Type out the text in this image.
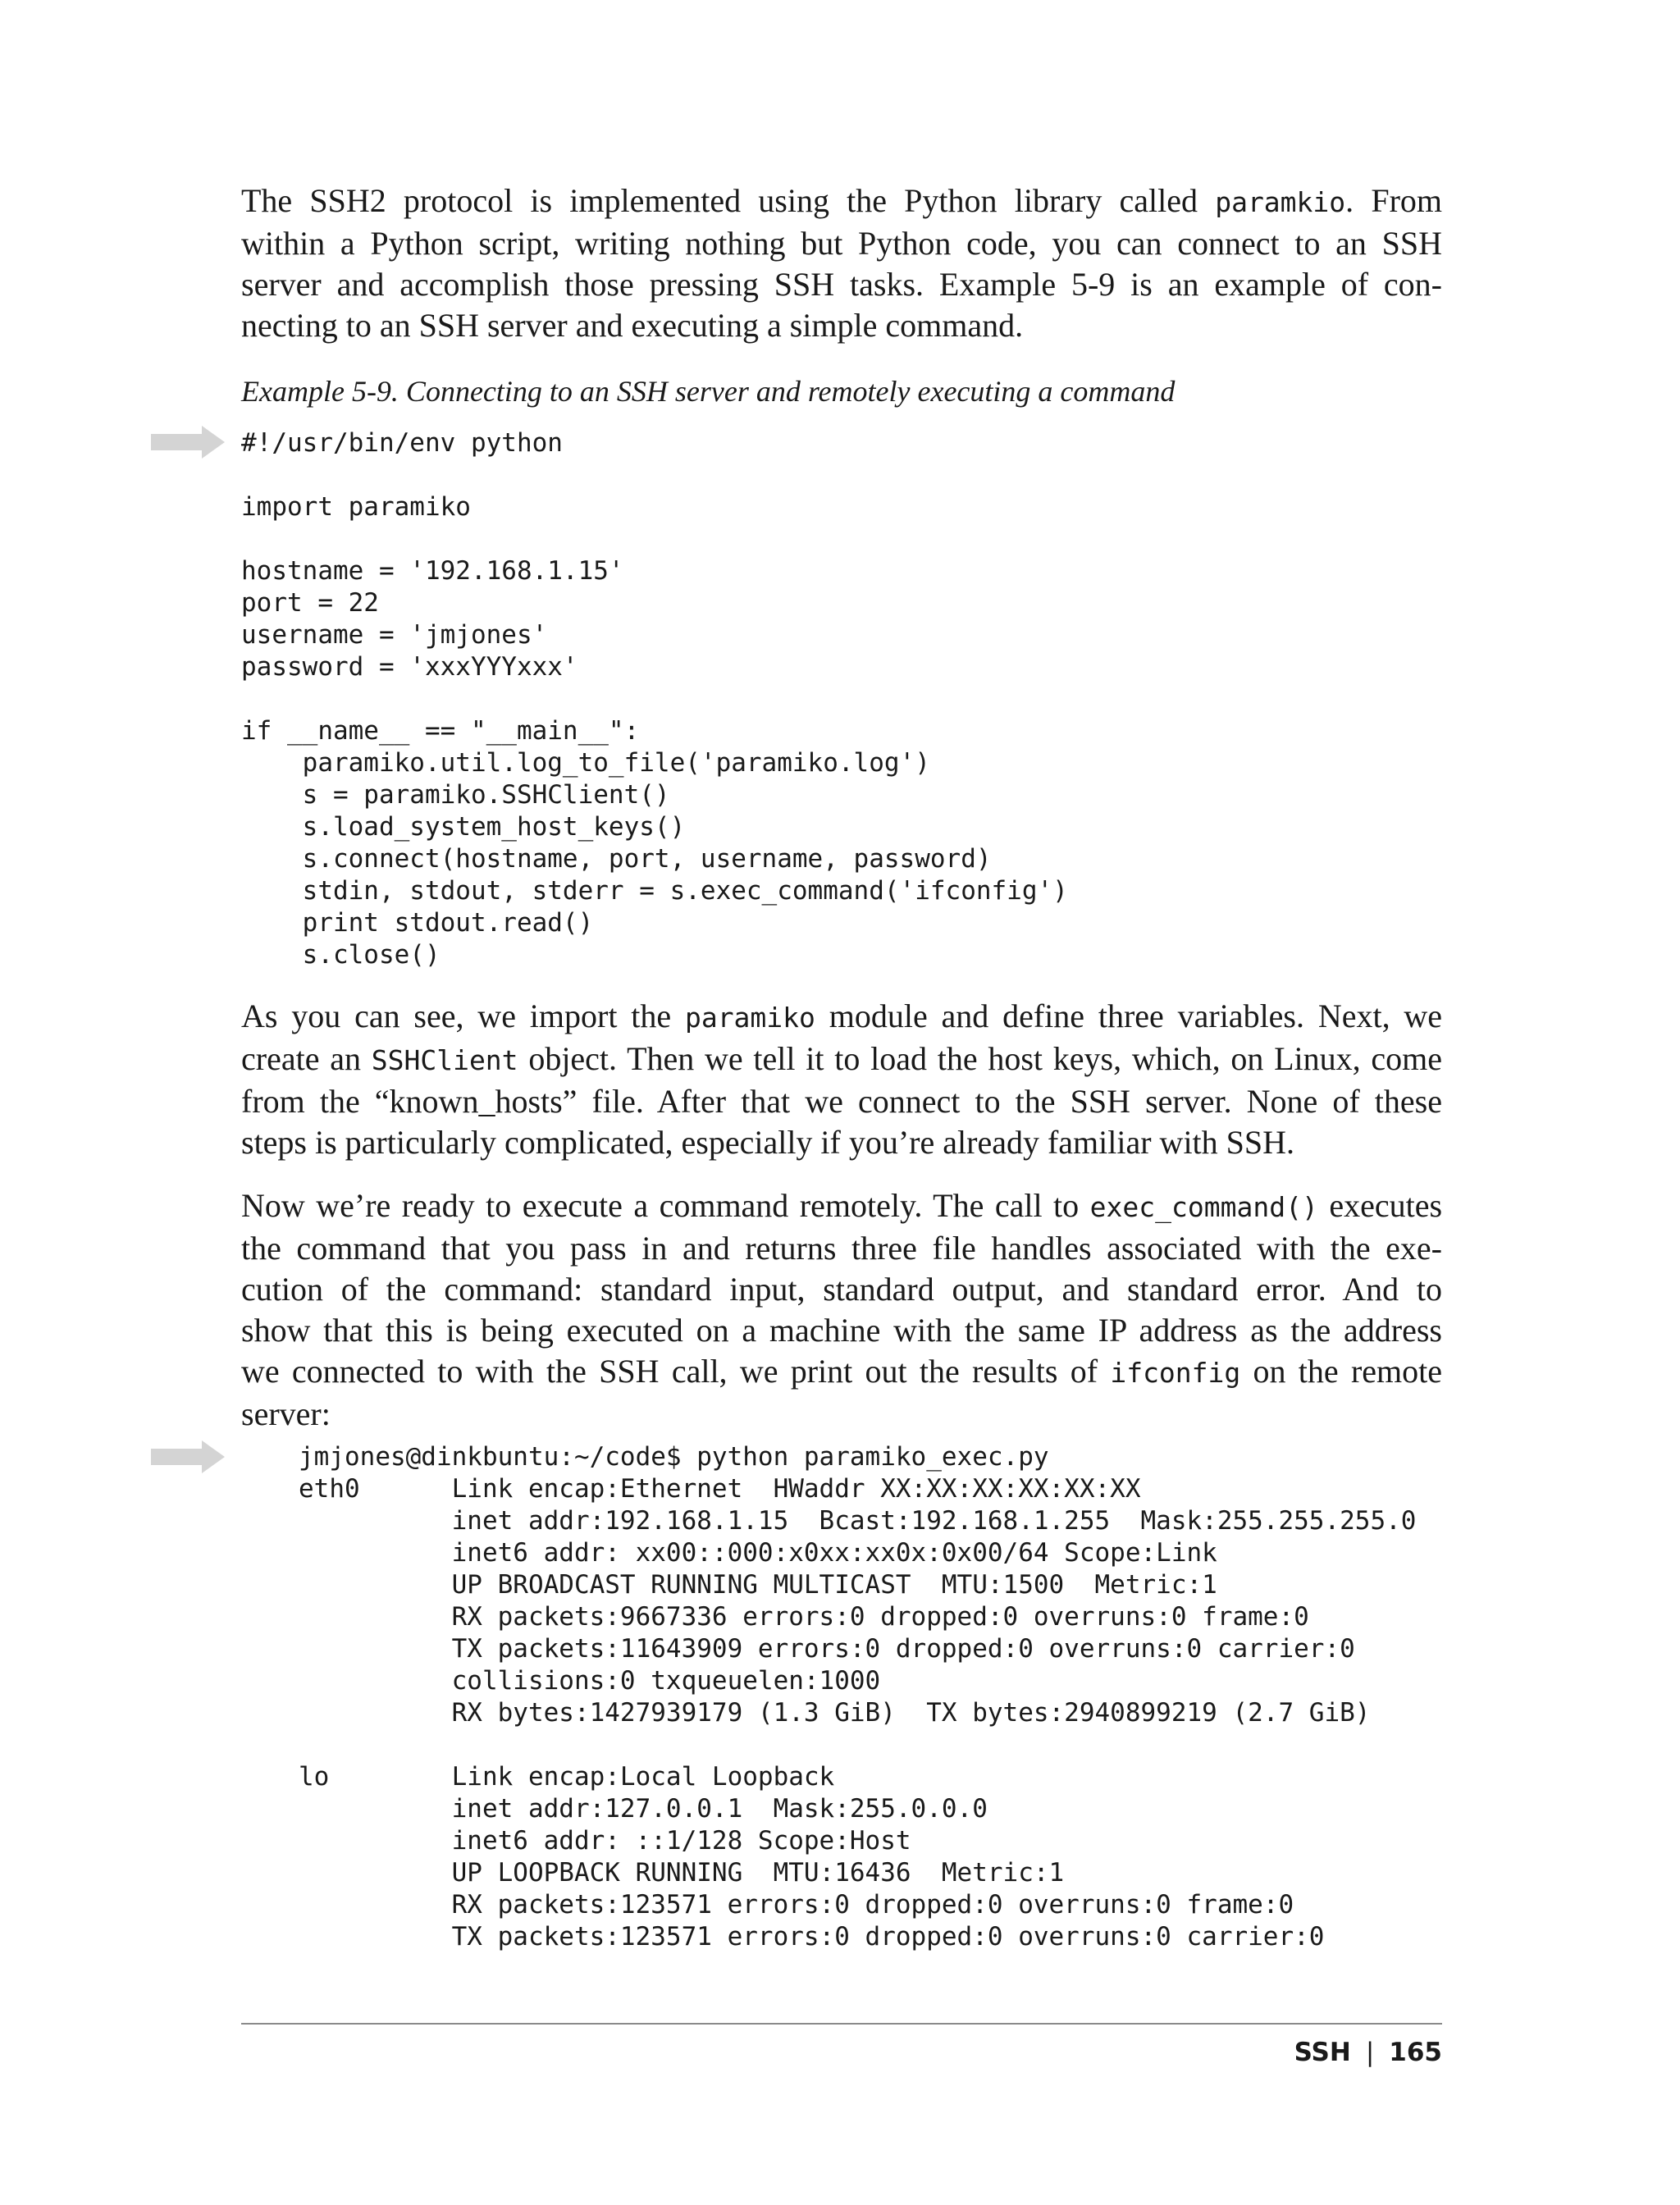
The SSH2 protocol is implemented using the Python library called paramkio. From
within a Python script, writing nothing but Python code, you can connect to an SSH
server and accomplish those pressing SSH tasks. Example 5-9 is an example of con-
necting to an SSH server and executing a simple command.

Example 5-9. Connecting to an SSH server and remotely executing a command

#!/usr/bin/env python
import paramiko
hostname = '192.168.1.15'
port = 22
username = 'jmjones'
password = 'xxxYYYxxx'
if __name__ == "__main__":
paramiko.util.log_to_file('paramiko.log')
s = paramiko.SSHClient()
s.load_system_host_keys()
s.connect(hostname, port, username, password)
stdin, stdout, stderr = s.exec_command('ifconfig')
print stdout.read()
s.close()

As you can see, we import the paramiko module and define three variables. Next, we
create an SSHClient object. Then we tell it to load the host keys, which, on Linux, come
from the “known_hosts” file. After that we connect to the SSH server. None of these
steps is particularly complicated, especially if you’re already familiar with SSH.

Now we’re ready to execute a command remotely. The call to exec_command() executes
the command that you pass in and returns three file handles associated with the exe-
cution of the command: standard input, standard output, and standard error. And to
show that this is being executed on a machine with the same IP address as the address
we connected to with the SSH call, we print out the results of ifconfig on the remote
server:

jmjones@dinkbuntu:~/code$ python paramiko_exec.py
eth0      Link encap:Ethernet  HWaddr XX:XX:XX:XX:XX:XX
inet addr:192.168.1.15  Bcast:192.168.1.255  Mask:255.255.255.0
inet6 addr: xx00::000:x0xx:xx0x:0x00/64 Scope:Link
UP BROADCAST RUNNING MULTICAST  MTU:1500  Metric:1
RX packets:9667336 errors:0 dropped:0 overruns:0 frame:0
TX packets:11643909 errors:0 dropped:0 overruns:0 carrier:0
collisions:0 txqueuelen:1000
RX bytes:1427939179 (1.3 GiB)  TX bytes:2940899219 (2.7 GiB)
lo        Link encap:Local Loopback
inet addr:127.0.0.1  Mask:255.0.0.0
inet6 addr: ::1/128 Scope:Host
UP LOOPBACK RUNNING  MTU:16436  Metric:1
RX packets:123571 errors:0 dropped:0 overruns:0 frame:0
TX packets:123571 errors:0 dropped:0 overruns:0 carrier:0
SSH | 165
